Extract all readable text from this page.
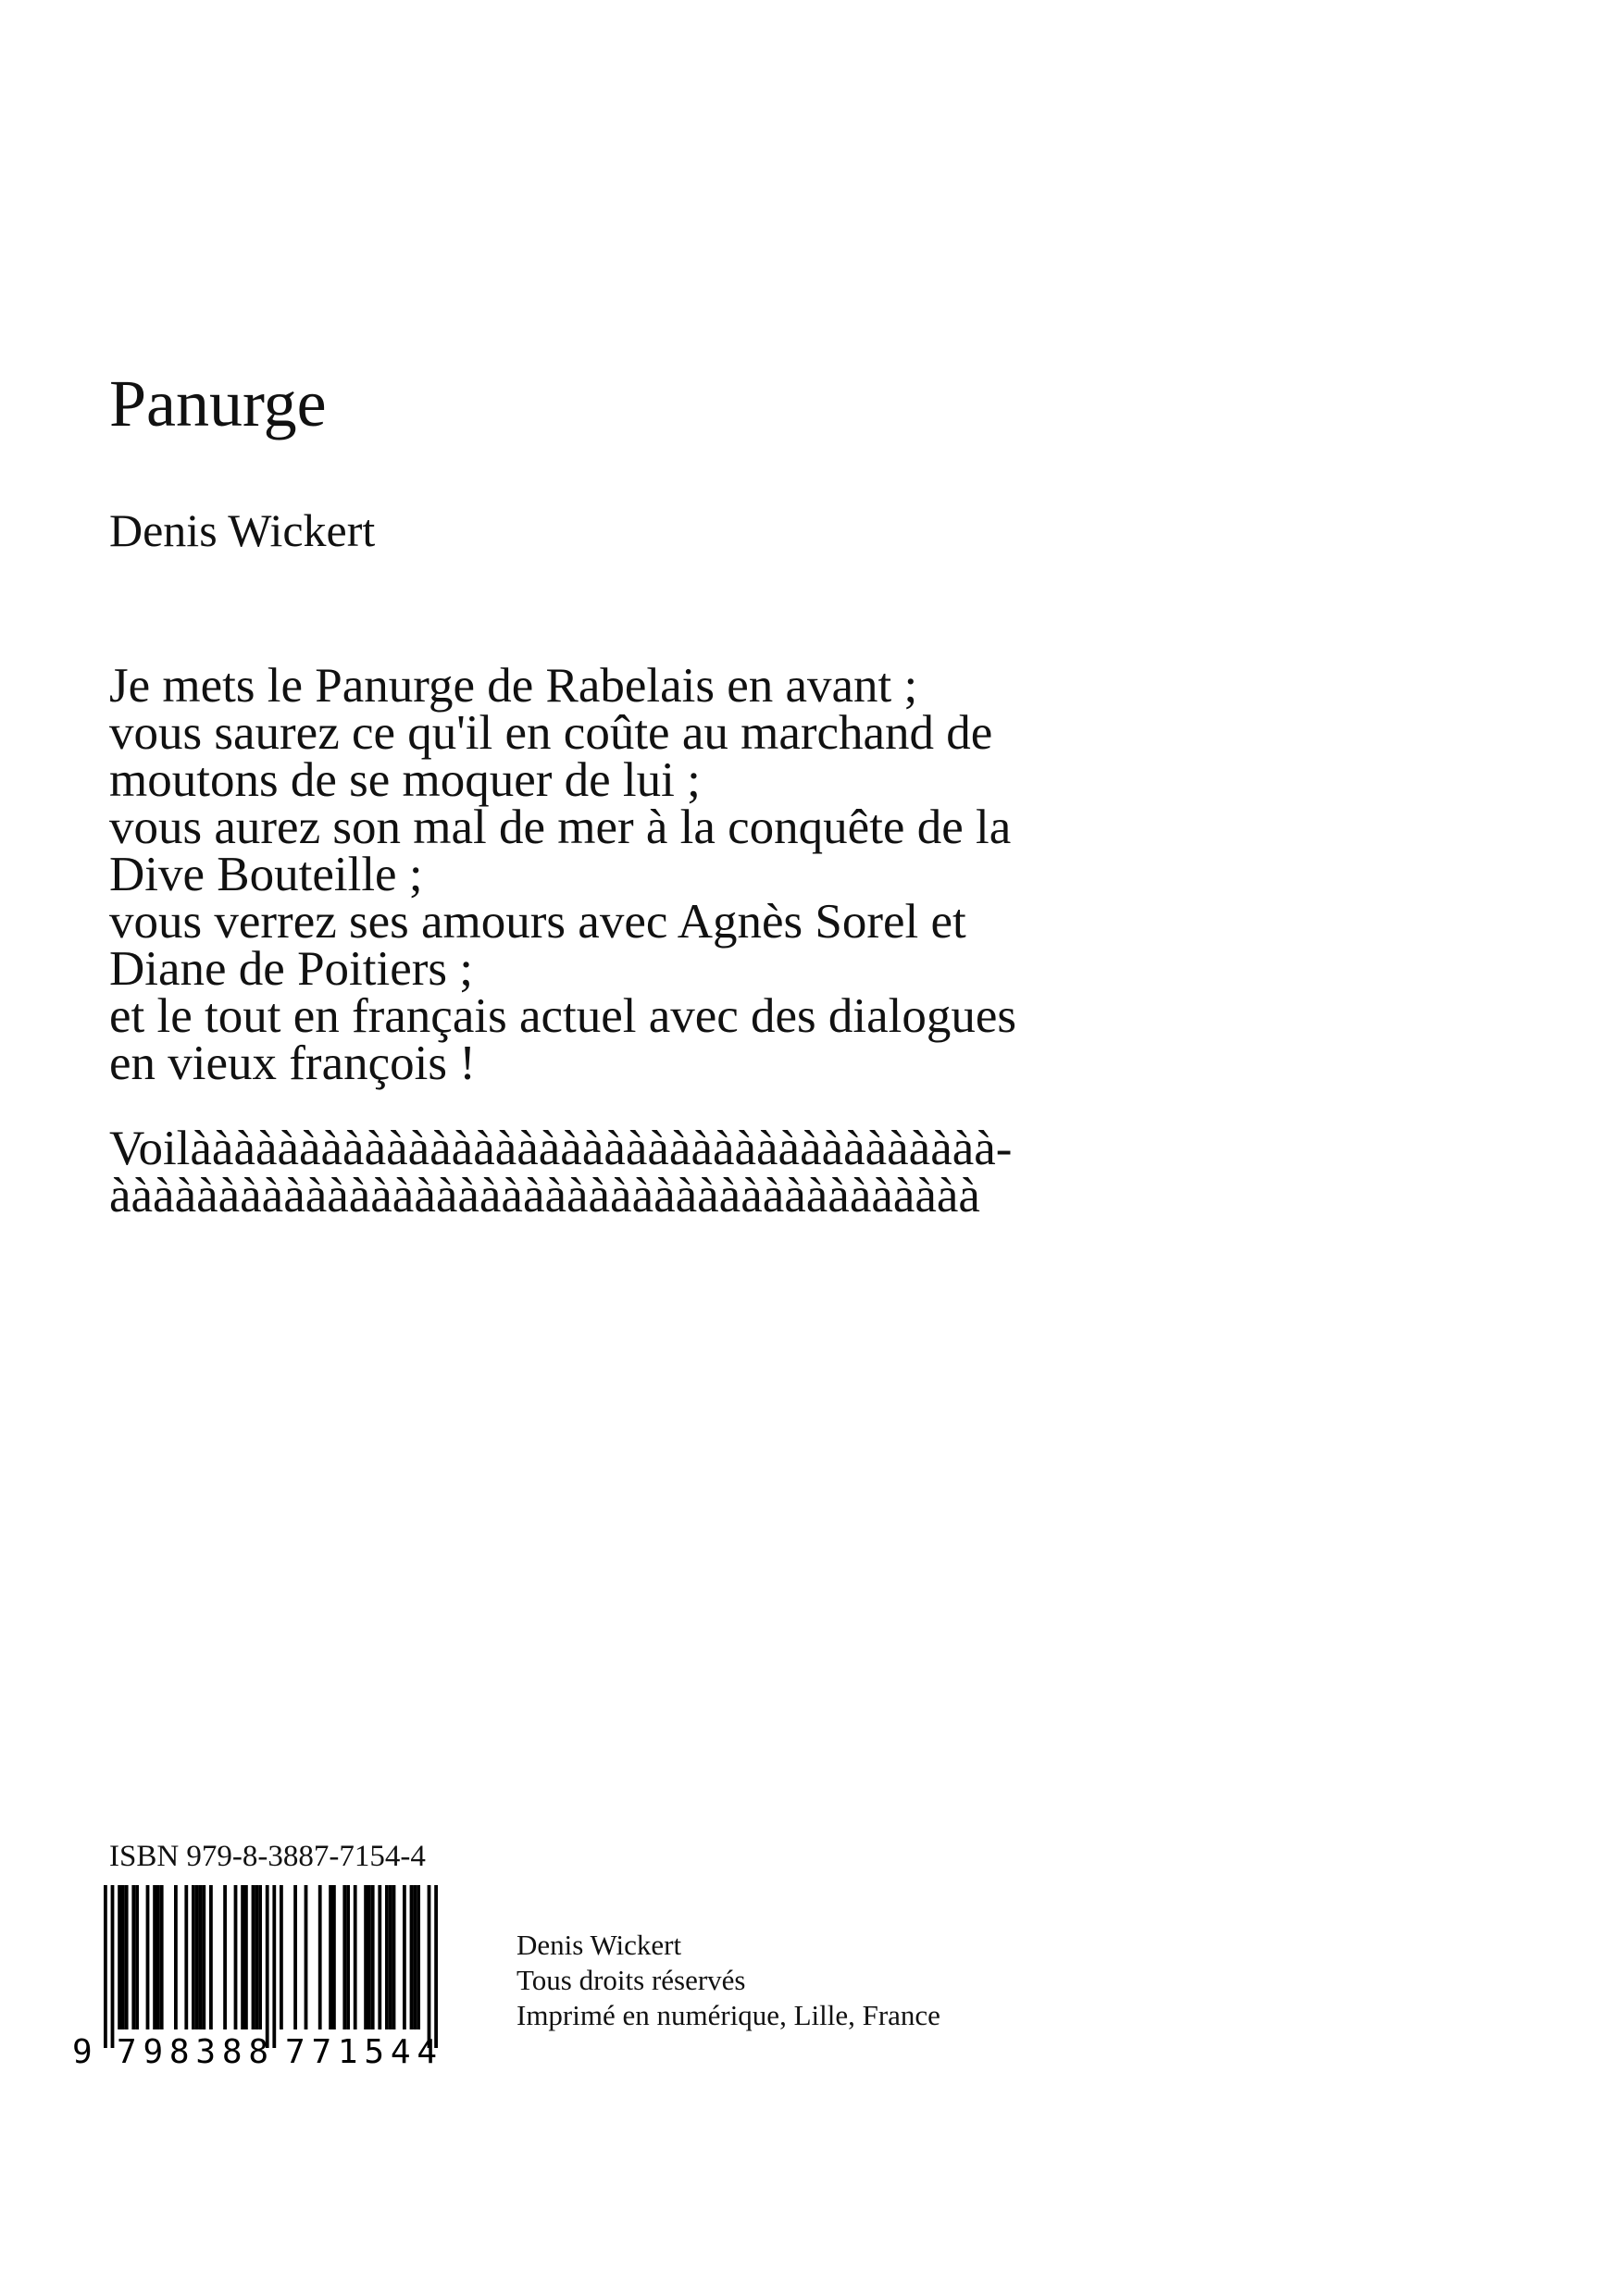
Panurge
Denis Wickert
Je mets le Panurge de Rabelais en avant ;
vous saurez ce qu'il en coûte au marchand de
moutons de se moquer de lui ;
vous aurez son mal de mer à la conquête de la
Dive Bouteille ;
vous verrez ses amours avec Agnès Sorel et
Diane de Poitiers ;
et le tout en français actuel avec des dialogues
en vieux françois !
Voilààààààààààààààààààààààààààààààààààààà-
àààààààààààààààààààààààààààààààààààààààà
ISBN 979-8-3887-7154-4
9 798388 771544
Denis Wickert
Tous droits réservés
Imprimé en numérique, Lille, France
